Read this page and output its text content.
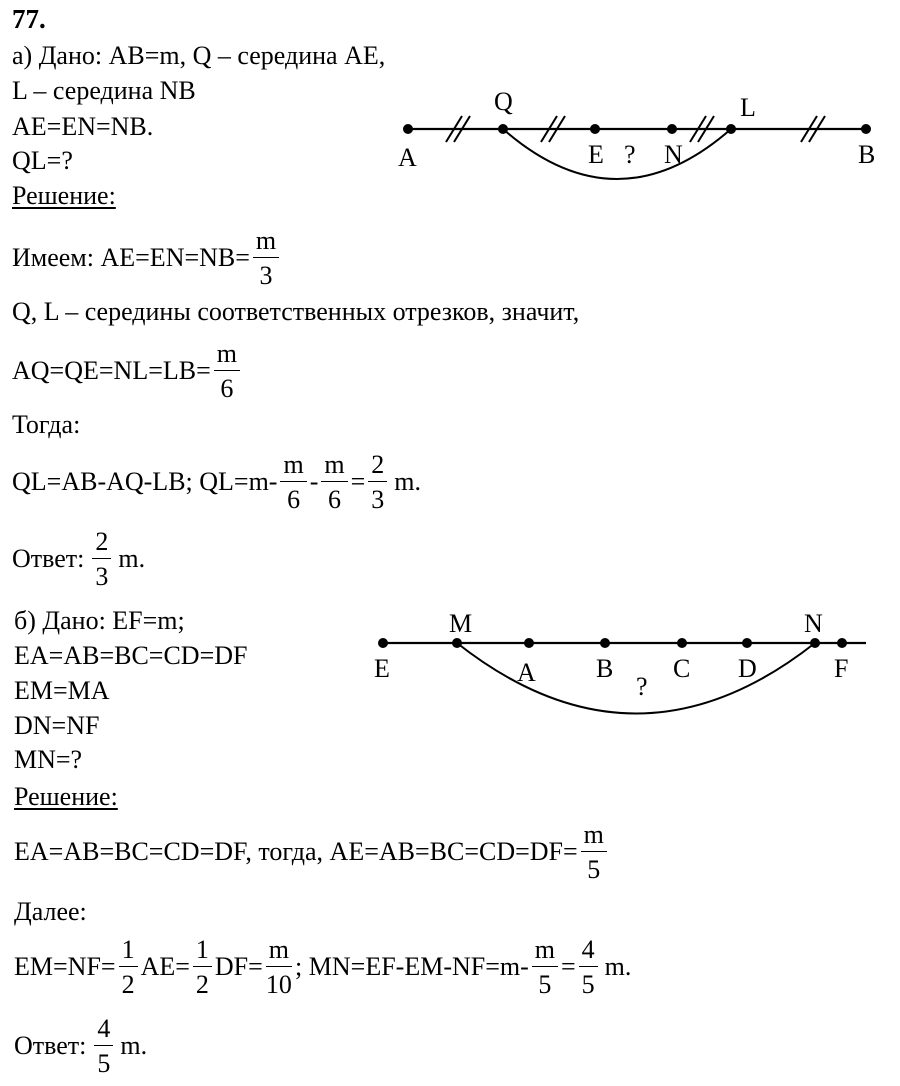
77.
а) Дано: AB=m, Q – середина AE,
L – середина NB
AE=EN=NB.
QL=?
Решение:
A
Q
E ? N
L
B
Имеем: $AE=EN=NB= \frac{m}{3}$
Q, L – середины соответственных отрезков, значит,
$AQ=QE=NL=LB= \frac{m}{6}$
Тогда:
QL=AB-AQ-LB; $QL=m- \frac{m}{6} - \frac{m}{6} = \frac{2}{3} m$.
Ответ: $\frac{2}{3} m$.
б) Дано: EF=m;
EA=AB=BC=CD=DF
EM=MA
DN=NF
MN=?
Решение:
E
M
A B
?
C D
N
F
EA=AB=BC=CD=DF, тогда, $AE=AB=BC=CD=DF= \frac{m}{5}$
Далее:
$EM=NF= \frac{1}{2} AE= \frac{1}{2} DF= \frac{m}{10}$ ; $MN=EF-EM-NF=m- \frac{m}{5} = \frac{4}{5} m$.
Ответ: $\frac{4}{5} m$.
